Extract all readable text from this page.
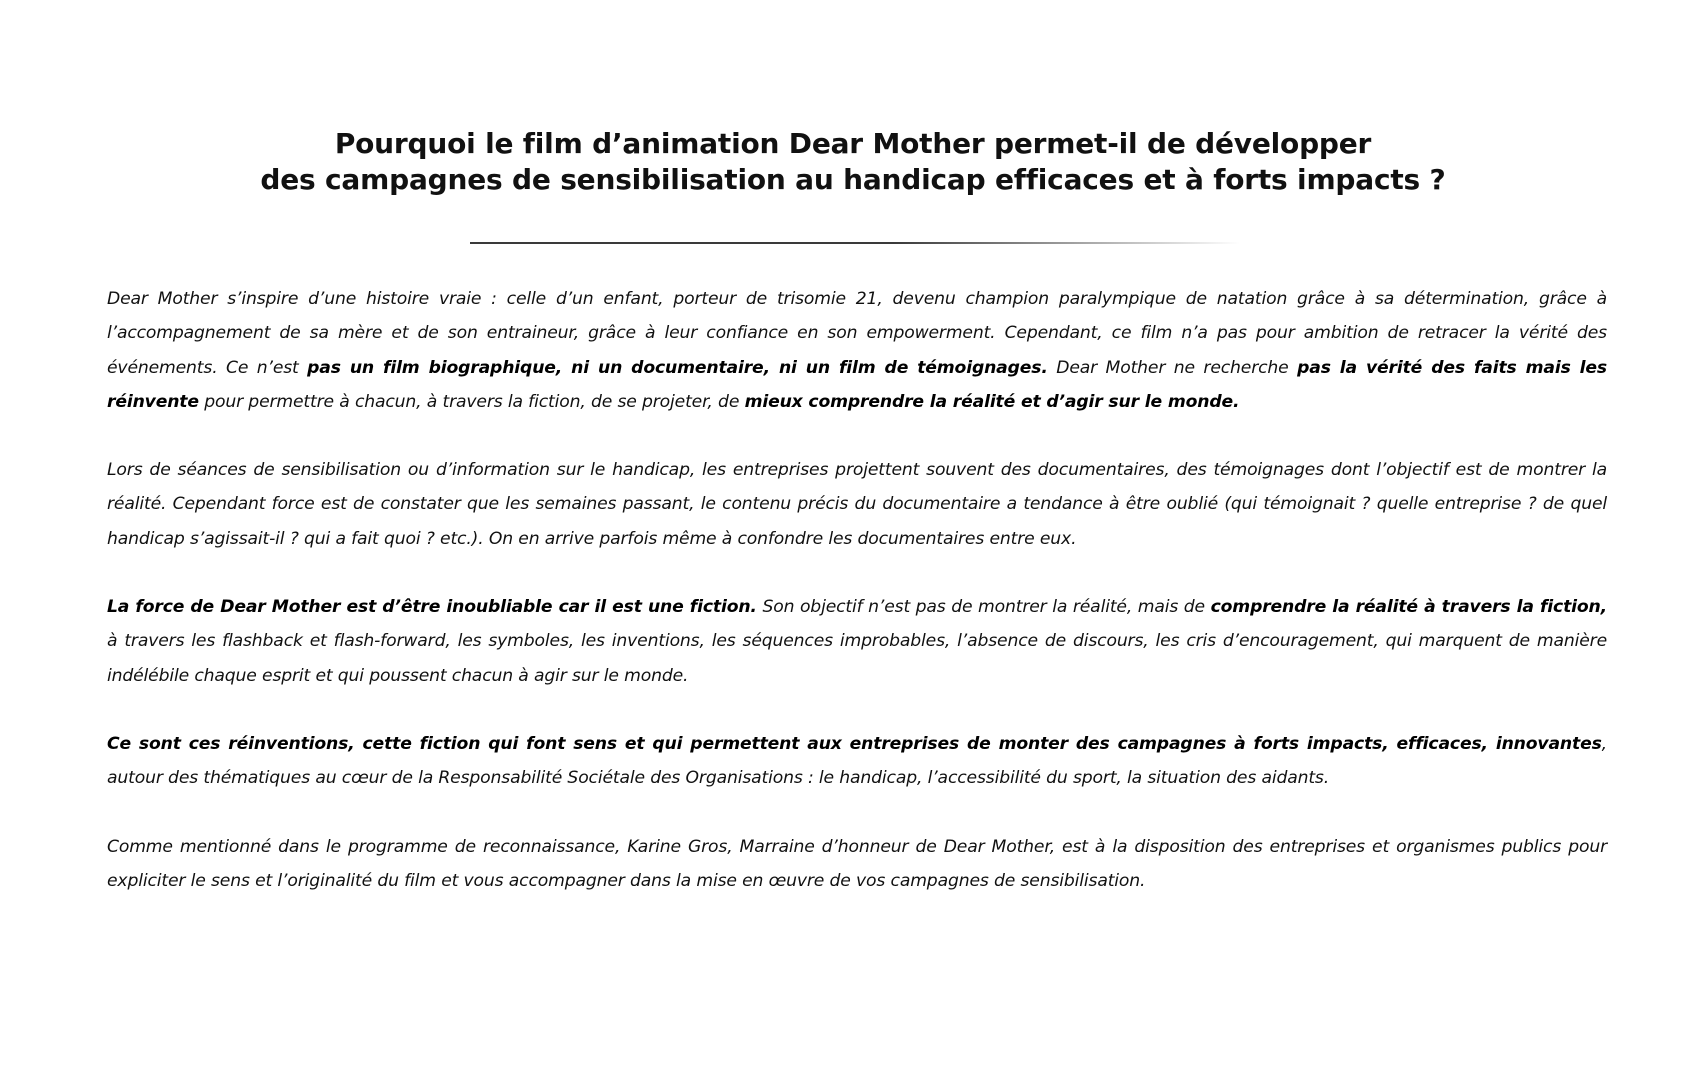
Pourquoi le film d’animation Dear Mother permet-il de développer
des campagnes de sensibilisation au handicap efficaces et à forts impacts ?

Dear Mother s’inspire d’une histoire vraie : celle d’un enfant, porteur de trisomie 21, devenu champion paralympique de natation grâce à sa détermination, grâce à l’accompagnement de sa mère et de son entraineur, grâce à leur confiance en son empowerment. Cependant, ce film n’a pas pour ambition de retracer la vérité des événements. Ce n’est pas un film biographique, ni un documentaire, ni un film de témoignages. Dear Mother ne recherche pas la vérité des faits mais les réinvente pour permettre à chacun, à travers la fiction, de se projeter, de mieux comprendre la réalité et d’agir sur le monde.

Lors de séances de sensibilisation ou d’information sur le handicap, les entreprises projettent souvent des documentaires, des témoignages dont l’objectif est de montrer la réalité. Cependant force est de constater que les semaines passant, le contenu précis du documentaire a tendance à être oublié (qui témoignait ? quelle entreprise ? de quel handicap s’agissait-il ? qui a fait quoi ? etc.). On en arrive parfois même à confondre les documentaires entre eux.

La force de Dear Mother est d’être inoubliable car il est une fiction. Son objectif n’est pas de montrer la réalité, mais de comprendre la réalité à travers la fiction, à travers les flashback et flash-forward, les symboles, les inventions, les séquences improbables, l’absence de discours, les cris d’encouragement, qui marquent de manière indélébile chaque esprit et qui poussent chacun à agir sur le monde.

Ce sont ces réinventions, cette fiction qui font sens et qui permettent aux entreprises de monter des campagnes à forts impacts, efficaces, innovantes, autour des thématiques au cœur de la Responsabilité Sociétale des Organisations : le handicap, l’accessibilité du sport, la situation des aidants.

Comme mentionné dans le programme de reconnaissance, Karine Gros, Marraine d’honneur de Dear Mother, est à la disposition des entreprises et organismes publics pour expliciter le sens et l’originalité du film et vous accompagner dans la mise en œuvre de vos campagnes de sensibilisation.
